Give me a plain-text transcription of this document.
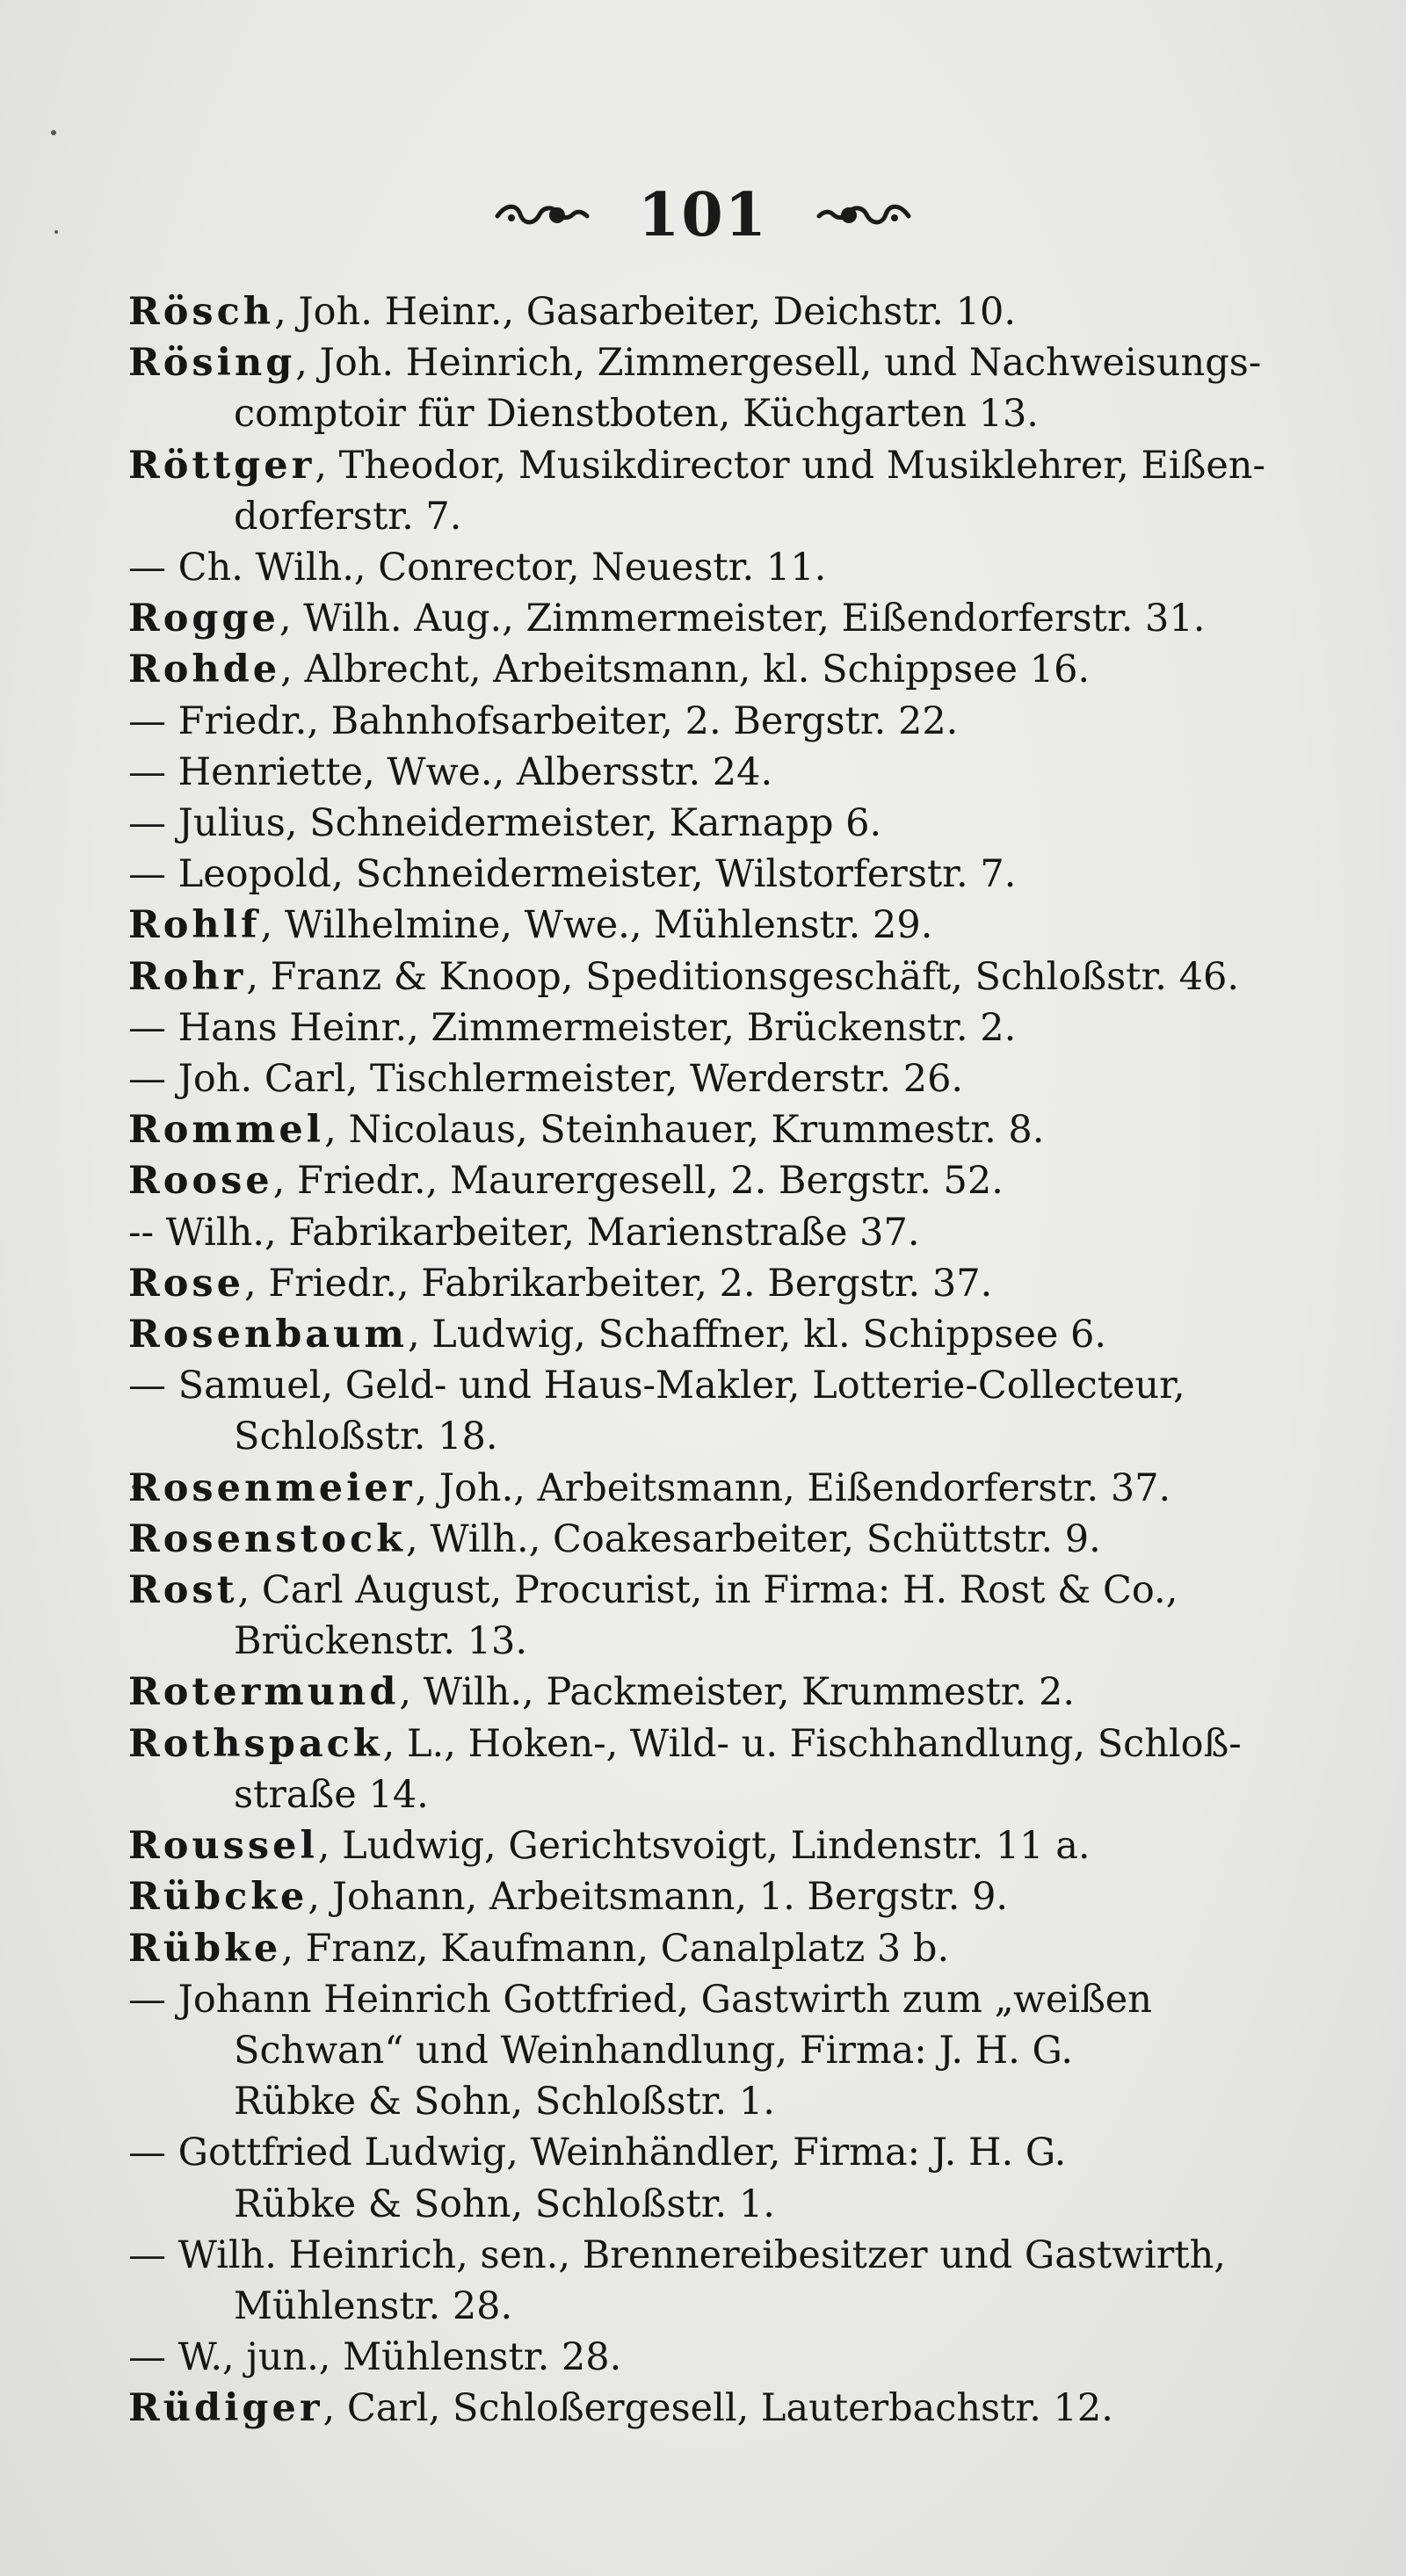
101
Rösch, Joh. Heinr., Gasarbeiter, Deichstr. 10.
Rösing, Joh. Heinrich, Zimmergesell, und Nachweisungs-
comptoir für Dienstboten, Küchgarten 13.
Röttger, Theodor, Musikdirector und Musiklehrer, Eißen-
dorferstr. 7.
— Ch. Wilh., Conrector, Neuestr. 11.
Rogge, Wilh. Aug., Zimmermeister, Eißendorferstr. 31.
Rohde, Albrecht, Arbeitsmann, kl. Schippsee 16.
— Friedr., Bahnhofsarbeiter, 2. Bergstr. 22.
— Henriette, Wwe., Albersstr. 24.
— Julius, Schneidermeister, Karnapp 6.
— Leopold, Schneidermeister, Wilstorferstr. 7.
Rohlf, Wilhelmine, Wwe., Mühlenstr. 29.
Rohr, Franz & Knoop, Speditionsgeschäft, Schloßstr. 46.
— Hans Heinr., Zimmermeister, Brückenstr. 2.
— Joh. Carl, Tischlermeister, Werderstr. 26.
Rommel, Nicolaus, Steinhauer, Krummestr. 8.
Roose, Friedr., Maurergesell, 2. Bergstr. 52.
-- Wilh., Fabrikarbeiter, Marienstraße 37.
Rose, Friedr., Fabrikarbeiter, 2. Bergstr. 37.
Rosenbaum, Ludwig, Schaffner, kl. Schippsee 6.
— Samuel, Geld- und Haus-Makler, Lotterie-Collecteur,
Schloßstr. 18.
Rosenmeier, Joh., Arbeitsmann, Eißendorferstr. 37.
Rosenstock, Wilh., Coakesarbeiter, Schüttstr. 9.
Rost, Carl August, Procurist, in Firma: H. Rost & Co.,
Brückenstr. 13.
Rotermund, Wilh., Packmeister, Krummestr. 2.
Rothspack, L., Hoken-, Wild- u. Fischhandlung, Schloß-
straße 14.
Roussel, Ludwig, Gerichtsvoigt, Lindenstr. 11 a.
Rübcke, Johann, Arbeitsmann, 1. Bergstr. 9.
Rübke, Franz, Kaufmann, Canalplatz 3 b.
— Johann Heinrich Gottfried, Gastwirth zum „weißen
Schwan“ und Weinhandlung, Firma: J. H. G.
Rübke & Sohn, Schloßstr. 1.
— Gottfried Ludwig, Weinhändler, Firma: J. H. G.
Rübke & Sohn, Schloßstr. 1.
— Wilh. Heinrich, sen., Brennereibesitzer und Gastwirth,
Mühlenstr. 28.
— W., jun., Mühlenstr. 28.
Rüdiger, Carl, Schloßergesell, Lauterbachstr. 12.
